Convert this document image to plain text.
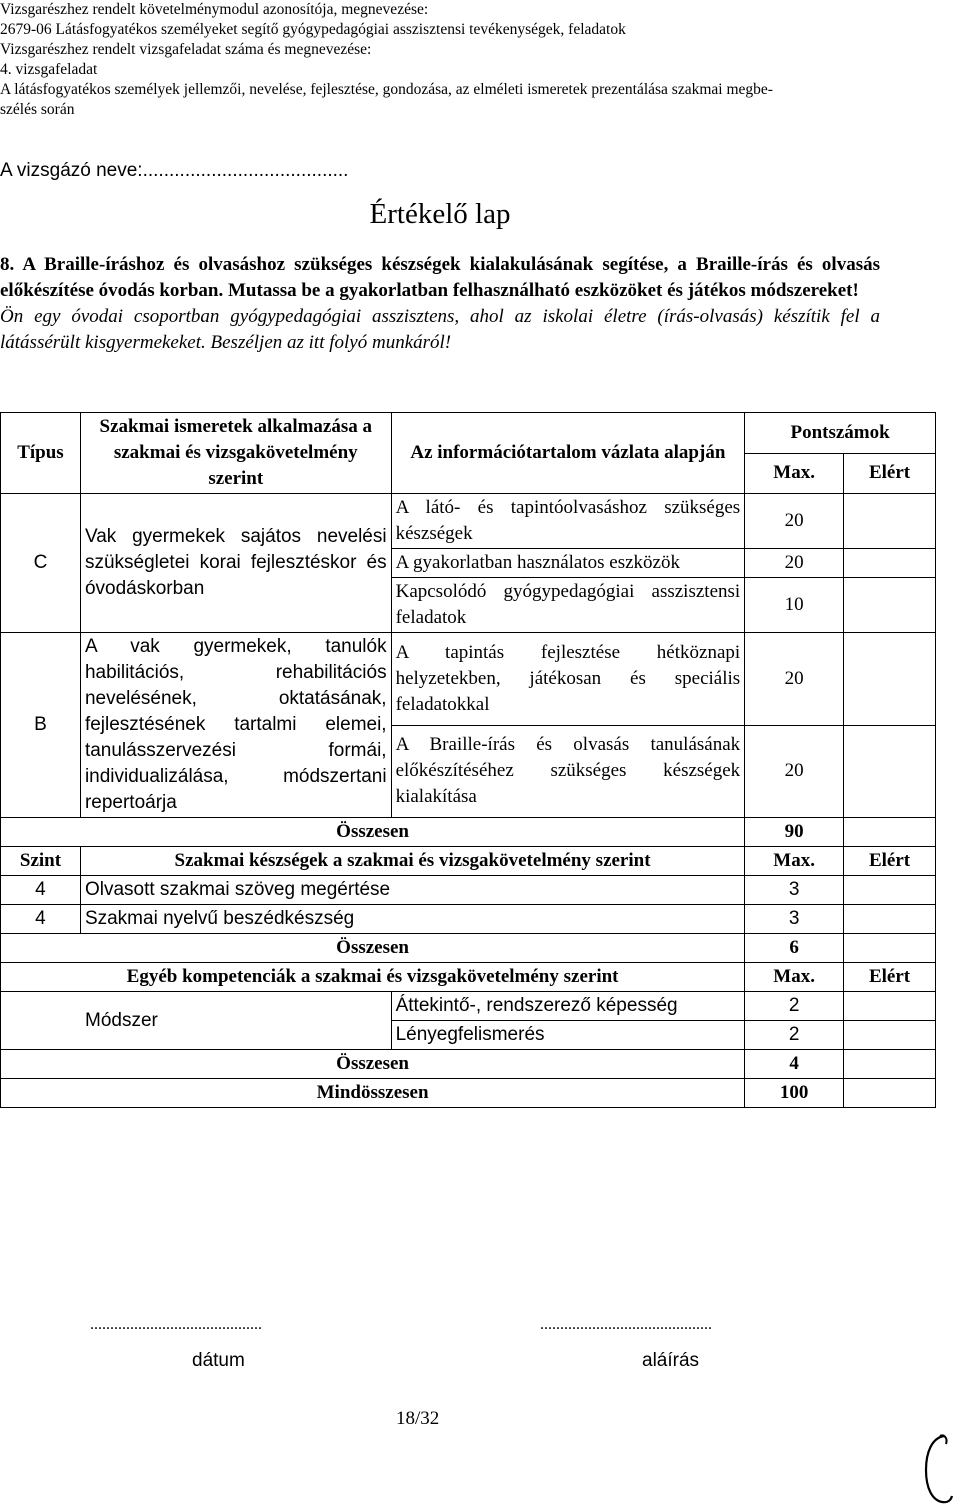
Vizsgarészhez rendelt követelménymodul azonosítója, megnevezése:
2679-06 Látásfogyatékos személyeket segítő gyógypedagógiai asszisztensi tevékenységek, feladatok
Vizsgarészhez rendelt vizsgafeladat száma és megnevezése:
4. vizsgafeladat
A látásfogyatékos személyek jellemzői, nevelése, fejlesztése, gondozása, az elméleti ismeretek prezentálása szakmai megbe-
szélés során
A vizsgázó neve:.......................................
Értékelő lap
8. A Braille-íráshoz és olvasáshoz szükséges készségek kialakulásának segítése, a Braille-írás és olvasás előkészítése óvodás korban. Mutassa be a gyakorlatban felhasználható eszközöket és játékos módszereket!
Ön egy óvodai csoportban gyógypedagógiai asszisztens, ahol az iskolai életre (írás-olvasás) készítik fel a látássérült kisgyermekeket. Beszéljen az itt folyó munkáról!
Típus	Szakmai ismeretek alkalmazása a szakmai és vizsgakövetelmény szerint	Az információtartalom vázlata alapján	Pontszámok	
			Max.	Elért
C	Vak gyermekek sajátos nevelési szükségletei korai fejlesztéskor és óvodáskorban	A látó- és tapintóolvasáshoz szükséges készségek	20	
		A gyakorlatban használatos eszközök	20	
		Kapcsolódó gyógypedagógiai asszisztensi feladatok	10	
B	A vak gyermekek, tanulók habilitációs, rehabilitációs nevelésének, oktatásának, fejlesztésének tartalmi elemei, tanulásszervezési formái, individualizálása, módszertani repertoárja	A tapintás fejlesztése hétköznapi helyzetekben, játékosan és speciális feladatokkal	20	
		A Braille-írás és olvasás tanulásának előkészítéséhez szükséges készségek kialakítása	20	
Összesen			90	
Szint	Szakmai készségek a szakmai és vizsgakövetelmény szerint		Max.	Elért
4	Olvasott szakmai szöveg megértése		3	
4	Szakmai nyelvű beszédkészség		3	
Összesen			6	
Egyéb kompetenciák a szakmai és vizsgakövetelmény szerint			Max.	Elért
Módszer		Áttekintő-, rendszerező képesség	2	
		Lényegfelismerés	2	
Összesen			4	
Mindösszesen			100	
...........................................	...........................................
dátum	aláírás
18/32
